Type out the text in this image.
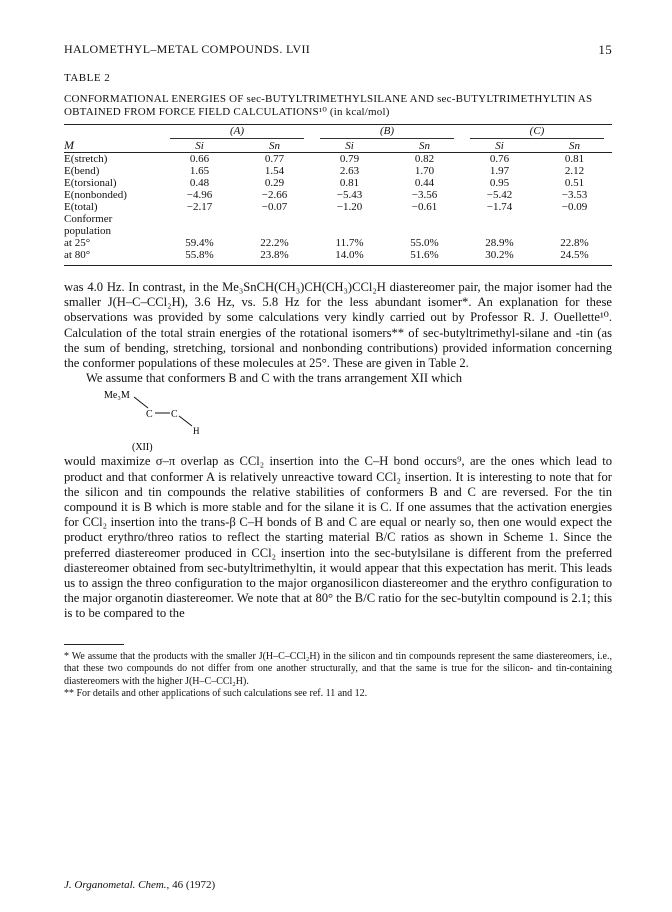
HALOMETHYL–METAL COMPOUNDS. LVII	15
TABLE 2
CONFORMATIONAL ENERGIES OF sec-BUTYLTRIMETHYLSILANE AND sec-BUTYLTRIMETHYLTIN AS OBTAINED FROM FORCE FIELD CALCULATIONS¹⁰ (in kcal/mol)

	(A)		(B)		(C)	

M	Si	Sn	Si	Sn	Si	Sn

E(stretch)	0.66	0.77	0.79	0.82	0.76	0.81
E(bend)	1.65	1.54	2.63	1.70	1.97	2.12
E(torsional)	0.48	0.29	0.81	0.44	0.95	0.51
E(nonbonded)	−4.96	−2.66	−5.43	−3.56	−5.42	−3.53
E(total)	−2.17	−0.07	−1.20	−0.61	−1.74	−0.09
Conformer						
population						
at 25°	59.4%	22.2%	11.7%	55.0%	28.9%	22.8%
at 80°	55.8%	23.8%	14.0%	51.6%	30.2%	24.5%

was 4.0 Hz. In contrast, in the Me₃SnCH(CH₃)CH(CH₃)CCl₂H diastereomer pair, the major isomer had the smaller J(H–C–CCl₂H), 3.6 Hz, vs. 5.8 Hz for the less abundant isomer*. An explanation for these observations was provided by some calculations very kindly carried out by Professor R. J. Ouellette¹⁰. Calculation of the total strain energies of the rotational isomers** of sec-butyltrimethyl-silane and -tin (as the sum of bending, stretching, torsional and nonbonding contributions) provided information concerning the conformer populations of these molecules at 25°. These are given in Table 2.

We assume that conformers B and C with the trans arrangement XII which

Me₃M
C C
H
(XII)

would maximize σ–π overlap as CCl₂ insertion into the C–H bond occurs⁹, are the ones which lead to product and that conformer A is relatively unreactive toward CCl₂ insertion. It is interesting to note that for the silicon and tin compounds the relative stabilities of conformers B and C are reversed. For the tin compound it is B which is more stable and for the silane it is C. If one assumes that the activation energies for CCl₂ insertion into the trans-β C–H bonds of B and C are equal or nearly so, then one would expect the product erythro/threo ratios to reflect the starting material B/C ratios as shown in Scheme 1. Since the preferred diastereomer produced in CCl₂ insertion into the sec-butylsilane is different from the preferred diastereomer obtained from sec-butyltrimethyltin, it would appear that this expectation has merit. This leads us to assign the threo configuration to the major organosilicon diastereomer and the erythro configuration to the major organotin diastereomer. We note that at 80° the B/C ratio for the sec-butyltin compound is 2.1; this is to be compared to the

* We assume that the products with the smaller J(H–C–CCl₂H) in the silicon and tin compounds represent the same diastereomers, i.e., that these two compounds do not differ from one another structurally, and that the same is true for the silicon- and tin-containing diastereomers with the higher J(H–C–CCl₂H).

** For details and other applications of such calculations see ref. 11 and 12.

J. Organometal. Chem., 46 (1972)
